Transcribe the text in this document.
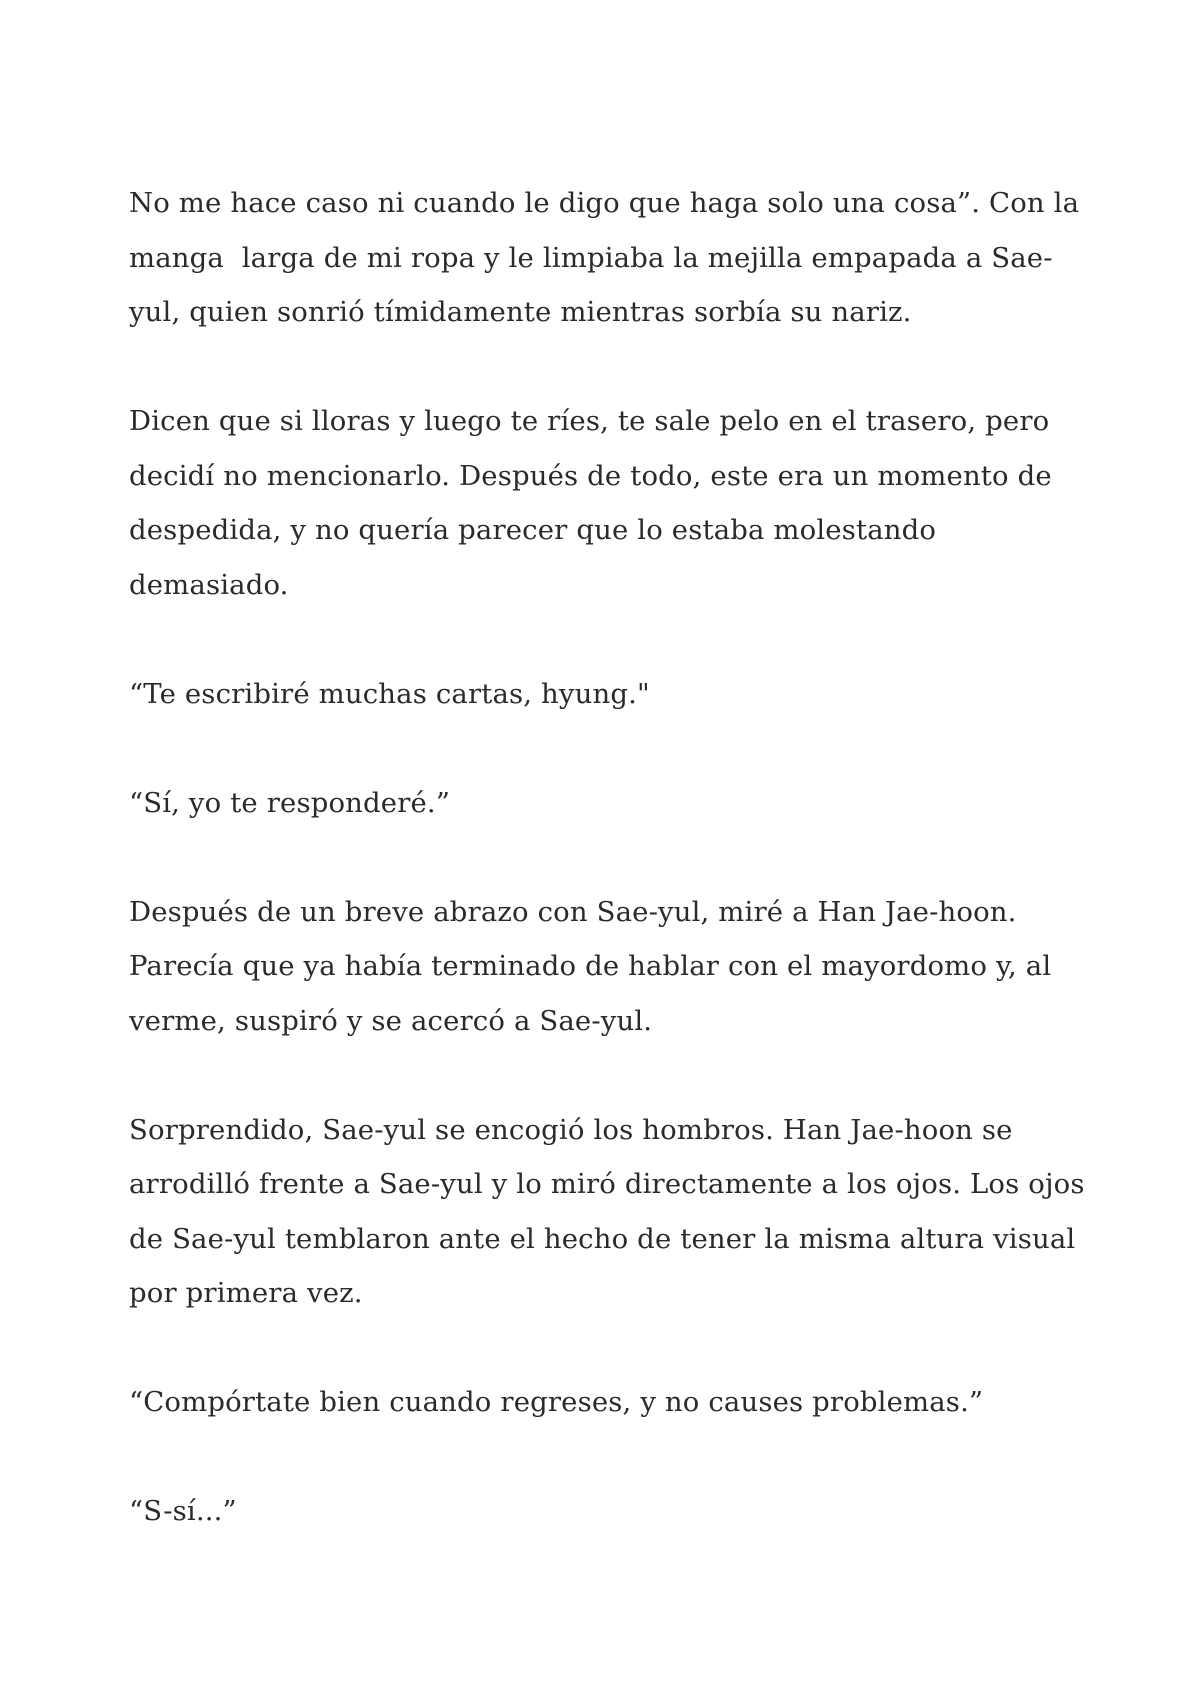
No me hace caso ni cuando le digo que haga solo una cosa”. Con la
manga  larga de mi ropa y le limpiaba la mejilla empapada a Sae-
yul, quien sonrió tímidamente mientras sorbía su nariz.

Dicen que si lloras y luego te ríes, te sale pelo en el trasero, pero
decidí no mencionarlo. Después de todo, este era un momento de
despedida, y no quería parecer que lo estaba molestando
demasiado.

“Te escribiré muchas cartas, hyung."

“Sí, yo te responderé.”

Después de un breve abrazo con Sae-yul, miré a Han Jae-hoon.
Parecía que ya había terminado de hablar con el mayordomo y, al
verme, suspiró y se acercó a Sae-yul.

Sorprendido, Sae-yul se encogió los hombros. Han Jae-hoon se
arrodilló frente a Sae-yul y lo miró directamente a los ojos. Los ojos
de Sae-yul temblaron ante el hecho de tener la misma altura visual
por primera vez.

“Compórtate bien cuando regreses, y no causes problemas.”

“S-sí...”
